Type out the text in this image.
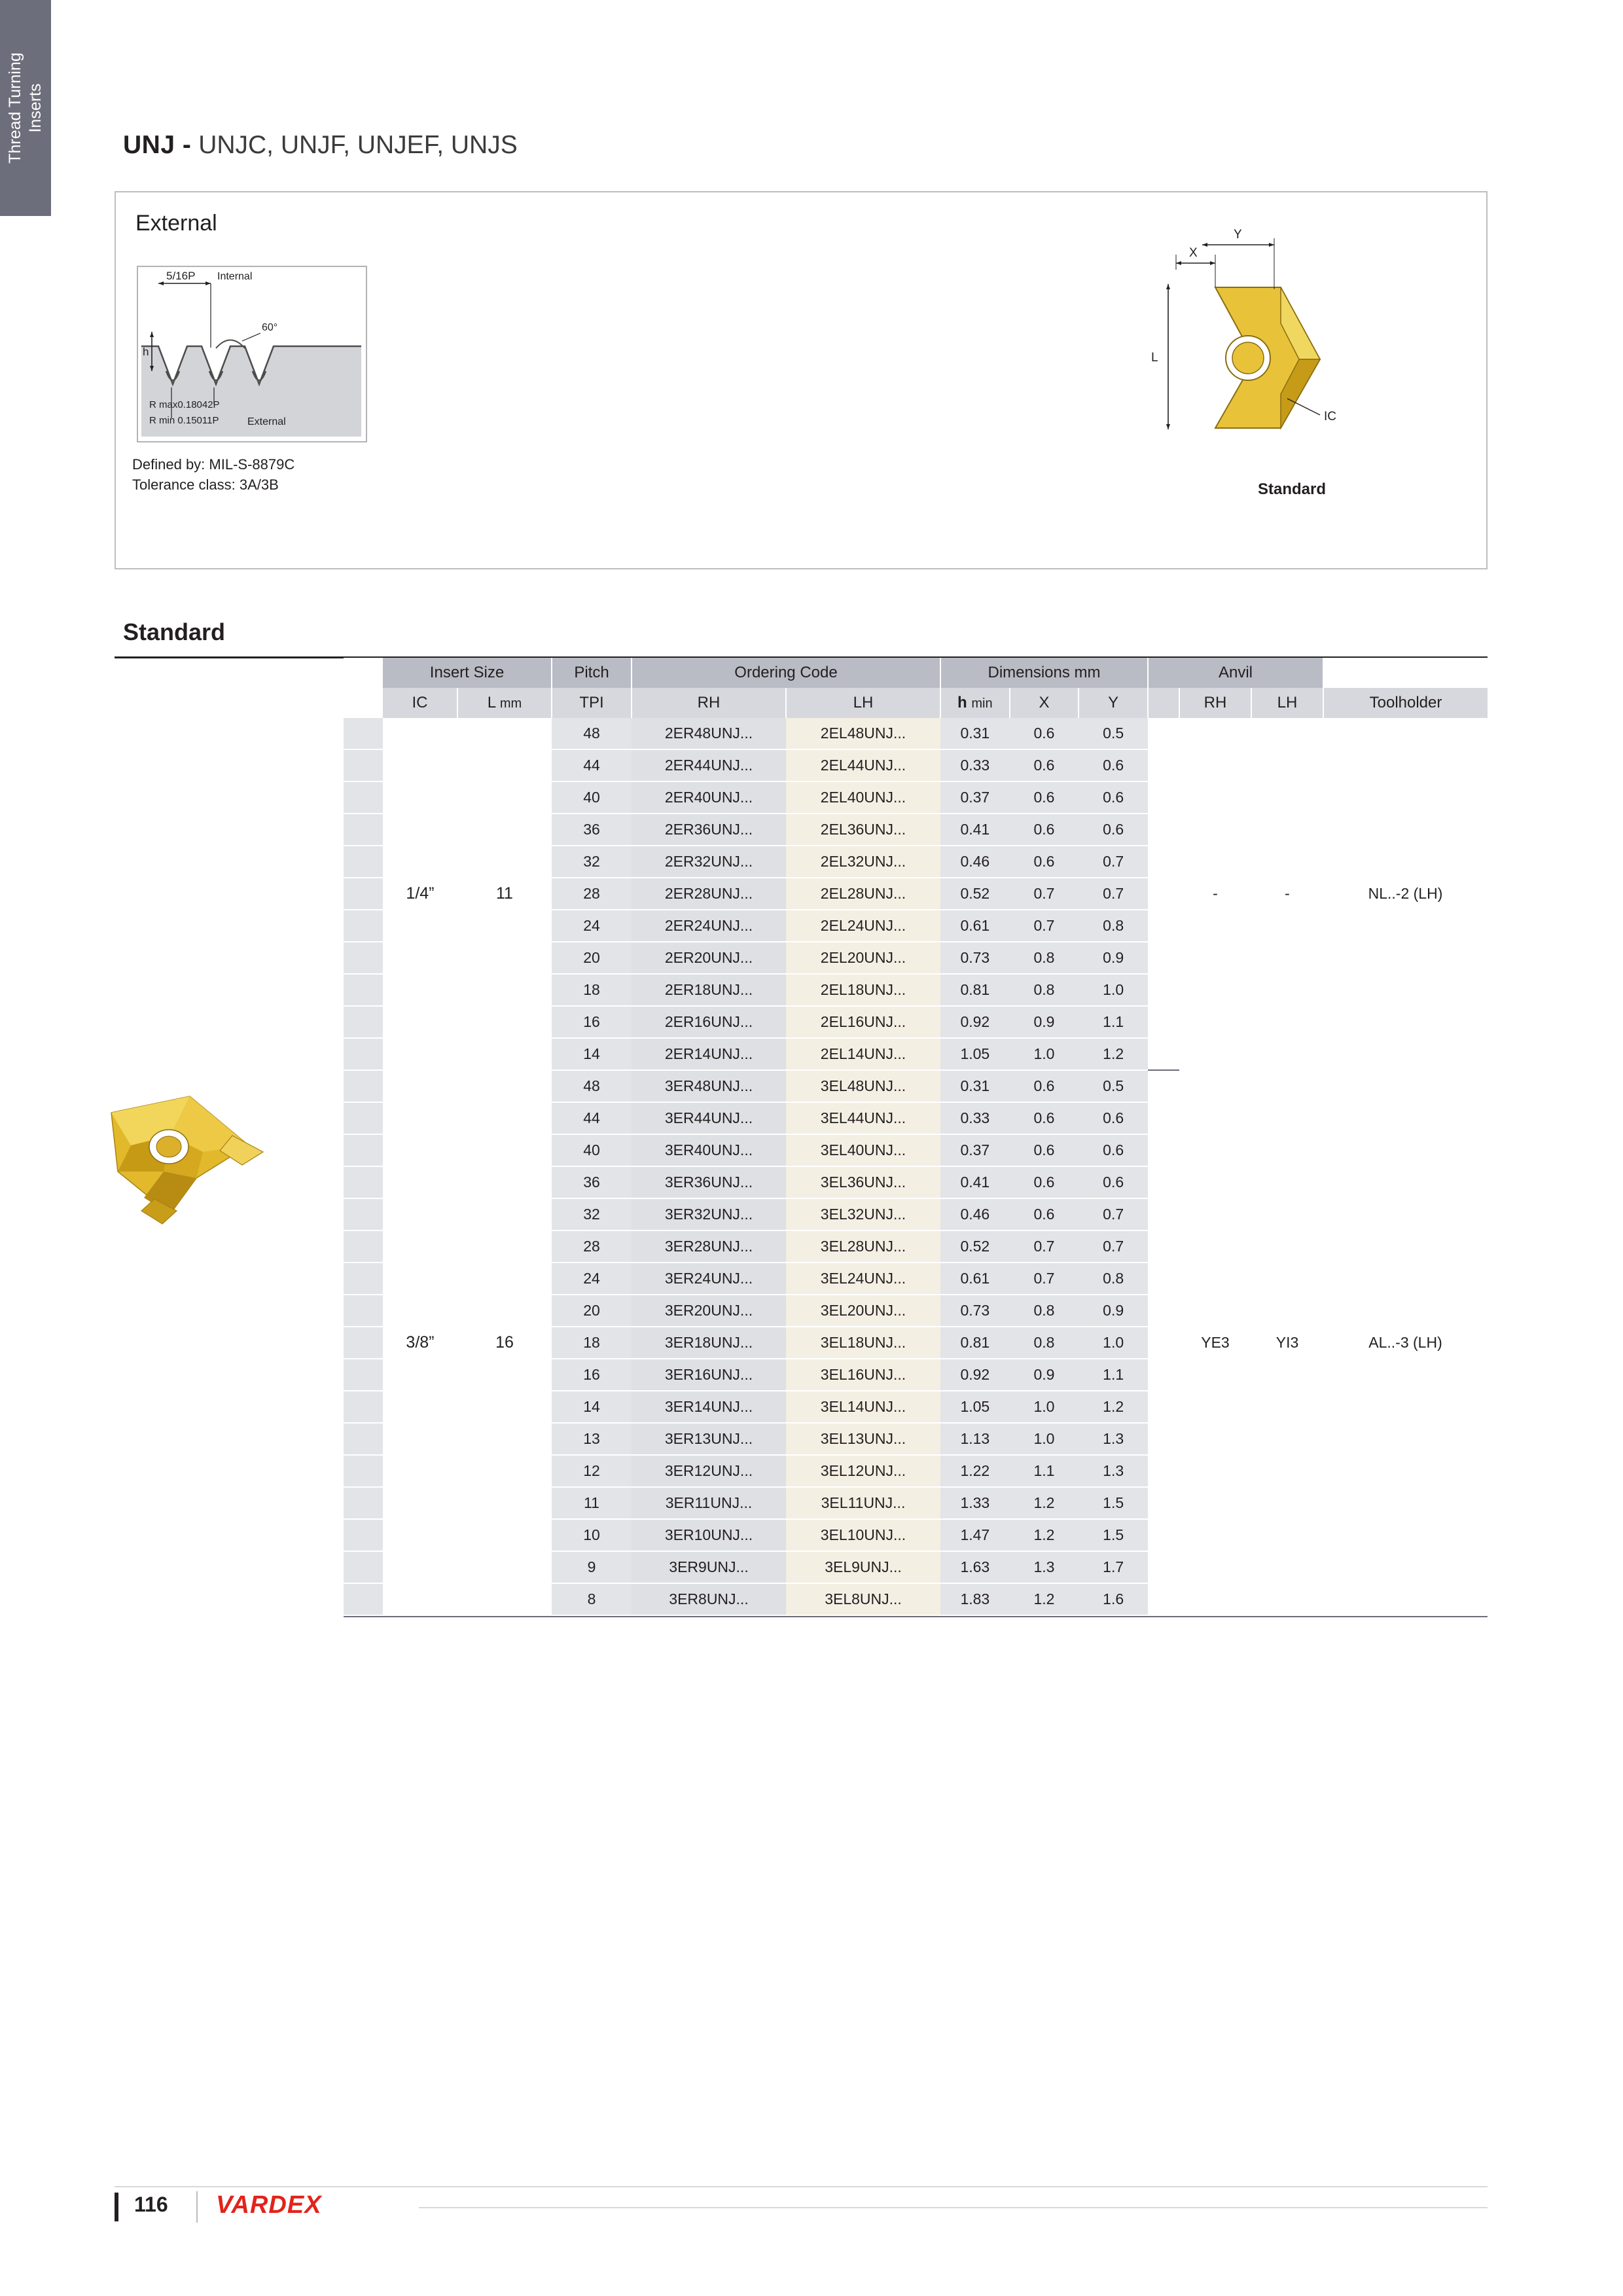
Thread Turning Inserts
UNJ - UNJC, UNJF, UNJEF, UNJS
External
5/16P Internal
60°
h
R max0.18042P
R min 0.15011P	External
Defined by: MIL-S-8879C
Tolerance class: 3A/3B
Y
X
L
IC
Standard
Standard
	Insert Size		Pitch	Ordering Code		Dimensions mm			Anvil			
	IC	L mm	TPI	RH	LH	h min	X	Y		RH	LH	Toolholder
	1/4”	11	48	2ER48UNJ...	2EL48UNJ...	0.31	0.6	0.5		-	-	NL..-2 (LH)
			44	2ER44UNJ...	2EL44UNJ...	0.33	0.6	0.6				
			40	2ER40UNJ...	2EL40UNJ...	0.37	0.6	0.6				
			36	2ER36UNJ...	2EL36UNJ...	0.41	0.6	0.6				
			32	2ER32UNJ...	2EL32UNJ...	0.46	0.6	0.7				
			28	2ER28UNJ...	2EL28UNJ...	0.52	0.7	0.7				
			24	2ER24UNJ...	2EL24UNJ...	0.61	0.7	0.8				
			20	2ER20UNJ...	2EL20UNJ...	0.73	0.8	0.9				
			18	2ER18UNJ...	2EL18UNJ...	0.81	0.8	1.0				
			16	2ER16UNJ...	2EL16UNJ...	0.92	0.9	1.1				
			14	2ER14UNJ...	2EL14UNJ...	1.05	1.0	1.2				
	3/8”	16	48	3ER48UNJ...	3EL48UNJ...	0.31	0.6	0.5		YE3	YI3	AL..-3 (LH)
			44	3ER44UNJ...	3EL44UNJ...	0.33	0.6	0.6				
			40	3ER40UNJ...	3EL40UNJ...	0.37	0.6	0.6				
			36	3ER36UNJ...	3EL36UNJ...	0.41	0.6	0.6				
			32	3ER32UNJ...	3EL32UNJ...	0.46	0.6	0.7				
			28	3ER28UNJ...	3EL28UNJ...	0.52	0.7	0.7				
			24	3ER24UNJ...	3EL24UNJ...	0.61	0.7	0.8				
			20	3ER20UNJ...	3EL20UNJ...	0.73	0.8	0.9				
			18	3ER18UNJ...	3EL18UNJ...	0.81	0.8	1.0				
			16	3ER16UNJ...	3EL16UNJ...	0.92	0.9	1.1				
			14	3ER14UNJ...	3EL14UNJ...	1.05	1.0	1.2				
			13	3ER13UNJ...	3EL13UNJ...	1.13	1.0	1.3				
			12	3ER12UNJ...	3EL12UNJ...	1.22	1.1	1.3				
			11	3ER11UNJ...	3EL11UNJ...	1.33	1.2	1.5				
			10	3ER10UNJ...	3EL10UNJ...	1.47	1.2	1.5				
			9	3ER9UNJ...	3EL9UNJ...	1.63	1.3	1.7				
			8	3ER8UNJ...	3EL8UNJ...	1.83	1.2	1.6				
116 VARDEX
